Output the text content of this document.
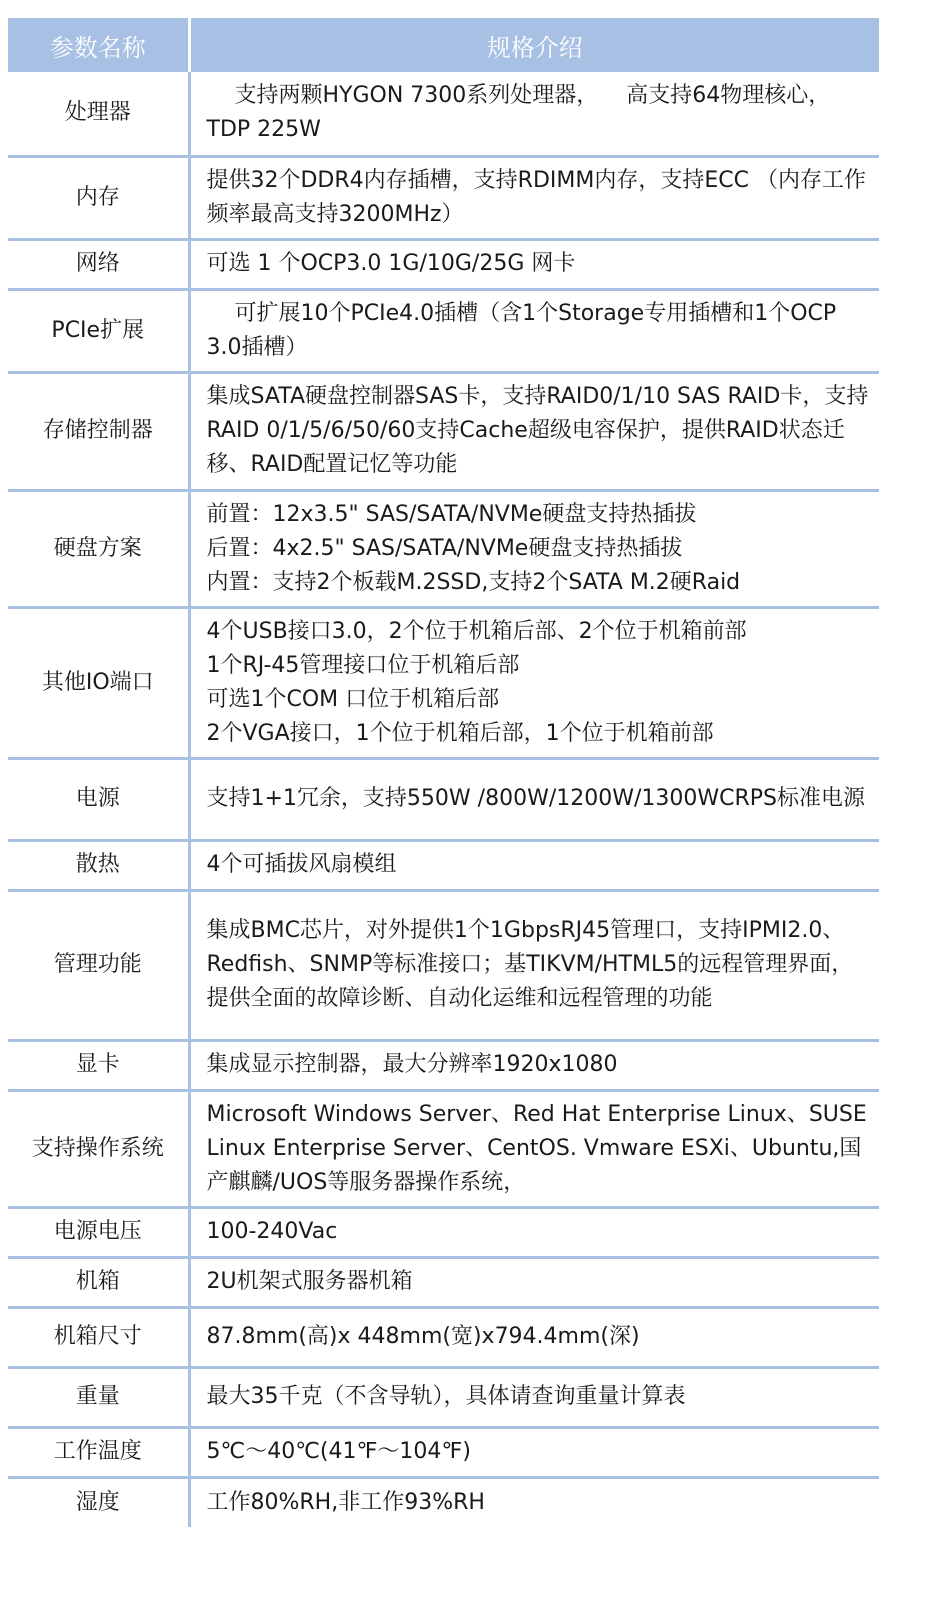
参数名称	规格介绍
处理器	支持两颗HYGON 7300系列处理器，    高支持64物理核心，    TDP 225W

内存	提供32个DDR4内存插槽，支持RDIMM内存，支持ECC （内存工作频率最高支持3200MHz）

网络	可选 1 个OCP3.0 1G/10G/25G 网卡

PCIe扩展	可扩展10个PCIe4.0插槽（含1个Storage专用插槽和1个OCP 3.0插槽）

存储控制器	集成SATA硬盘控制器SAS卡，支持RAID0/1/10 SAS RAID卡，支持RAID 0/1/5/6/50/60支持Cache超级电容保护，提供RAID状态迁移、RAID配置记忆等功能

硬盘方案	前置：12x3.5" SAS/SATA/NVMe硬盘支持热插拔
后置：4x2.5" SAS/SATA/NVMe硬盘支持热插拔
内置：支持2个板载M.2SSD,支持2个SATA M.2硬Raid

其他IO端口	4个USB接口3.0，2个位于机箱后部、2个位于机箱前部
1个RJ-45管理接口位于机箱后部
可选1个COM 口位于机箱后部
2个VGA接口，1个位于机箱后部，1个位于机箱前部

电源	支持1+1冗余，支持550W /800W/1200W/1300WCRPS标准电源

散热	4个可插拔风扇模组

管理功能	集成BMC芯片，对外提供1个1GbpsRJ45管理口，支持IPMI2.0、Redfish、SNMP等标准接口；基TIKVM/HTML5的远程管理界面，提供全面的故障诊断、自动化运维和远程管理的功能

显卡	集成显示控制器，最大分辨率1920x1080

支持操作系统	Microsoft Windows Server、Red Hat Enterprise Linux、SUSE Linux Enterprise Server、CentOS. Vmware ESXi、Ubuntu,国产麒麟/UOS等服务器操作系统，

电源电压	100-240Vac

机箱	2U机架式服务器机箱

机箱尺寸	87.8mm(高)x 448mm(宽)x794.4mm(深)

重量	最大35千克（不含导轨），具体请查询重量计算表

工作温度	5℃～40℃(41℉～104℉)

湿度	工作80%RH,非工作93%RH
